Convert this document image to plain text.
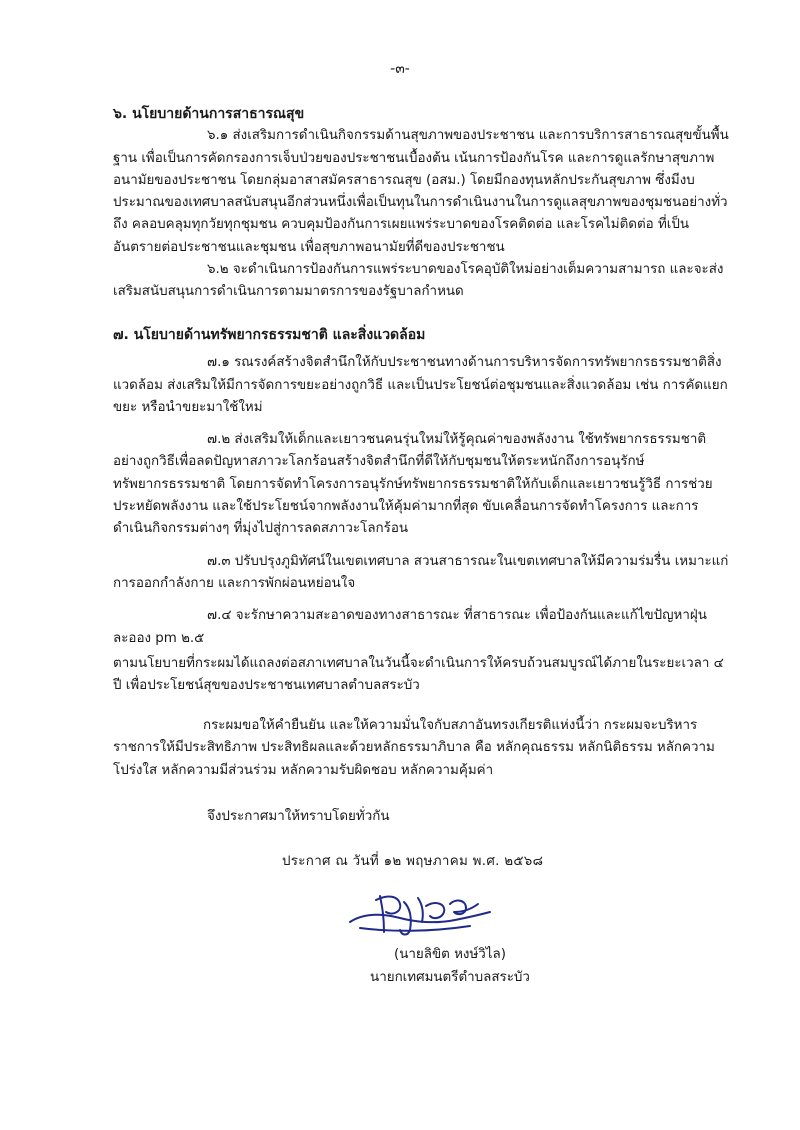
-๓-

๖. นโยบายด้านการสาธารณสุข

๖.๑ ส่งเสริมการดำเนินกิจกรรมด้านสุขภาพของประชาชน และการบริการสาธารณสุขขั้นพื้นฐาน เพื่อเป็นการคัดกรองการเจ็บป่วยของประชาชนเบื้องต้น เน้นการป้องกันโรค และการดูแลรักษาสุขภาพอนามัยของประชาชน โดยกลุ่มอาสาสมัครสาธารณสุข (อสม.) โดยมีกองทุนหลักประกันสุขภาพ ซึ่งมีงบประมาณของเทศบาลสนับสนุนอีกส่วนหนึ่งเพื่อเป็นทุนในการดำเนินงานในการดูแลสุขภาพของชุมชนอย่างทั่วถึง คลอบคลุมทุกวัยทุกชุมชน ควบคุมป้องกันการเผยแพร่ระบาดของโรคติดต่อ และโรคไม่ติดต่อ ที่เป็นอันตรายต่อประชาชนและชุมชน เพื่อสุขภาพอนามัยที่ดีของประชาชน

๖.๒ จะดำเนินการป้องกันการแพร่ระบาดของโรคอุบัติใหม่อย่างเต็มความสามารถ และจะส่งเสริมสนับสนุนการดำเนินการตามมาตรการของรัฐบาลกำหนด

๗. นโยบายด้านทรัพยากรธรรมชาติ และสิ่งแวดล้อม

๗.๑ รณรงค์สร้างจิตสำนึกให้กับประชาชนทางด้านการบริหารจัดการทรัพยากรธรรมชาติสิ่งแวดล้อม ส่งเสริมให้มีการจัดการขยะอย่างถูกวิธี และเป็นประโยชน์ต่อชุมชนและสิ่งแวดล้อม เช่น การคัดแยกขยะ หรือนำขยะมาใช้ใหม่

๗.๒ ส่งเสริมให้เด็กและเยาวชนคนรุ่นใหม่ให้รู้คุณค่าของพลังงาน ใช้ทรัพยากรธรรมชาติอย่างถูกวิธีเพื่อลดปัญหาสภาวะโลกร้อนสร้างจิตสำนึกที่ดีให้กับชุมชนให้ตระหนักถึงการอนุรักษ์ทรัพยากรธรรมชาติ โดยการจัดทำโครงการอนุรักษ์ทรัพยากรธรรมชาติให้กับเด็กและเยาวชนรู้วิธี การช่วยประหยัดพลังงาน และใช้ประโยชน์จากพลังงานให้คุ้มค่ามากที่สุด ขับเคลื่อนการจัดทำโครงการ และการดำเนินกิจกรรมต่างๆ ที่มุ่งไปสู่การลดสภาวะโลกร้อน

๗.๓ ปรับปรุงภูมิทัศน์ในเขตเทศบาล สวนสาธารณะในเขตเทศบาลให้มีความร่มรื่น เหมาะแก่การออกกำลังกาย และการพักผ่อนหย่อนใจ

๗.๔ จะรักษาความสะอาดของทางสาธารณะ ที่สาธารณะ เพื่อป้องกันและแก้ไขปัญหาฝุ่นละออง pm ๒.๕

ตามนโยบายที่กระผมได้แถลงต่อสภาเทศบาลในวันนี้จะดำเนินการให้ครบถ้วนสมบูรณ์ได้ภายในระยะเวลา ๔ ปี เพื่อประโยชน์สุขของประชาชนเทศบาลตำบลสระบัว

กระผมขอให้คำยืนยัน และให้ความมั่นใจกับสภาอันทรงเกียรติแห่งนี้ว่า กระผมจะบริหารราชการให้มีประสิทธิภาพ ประสิทธิผลและด้วยหลักธรรมาภิบาล คือ หลักคุณธรรม หลักนิติธรรม หลักความโปร่งใส หลักความมีส่วนร่วม หลักความรับผิดชอบ หลักความคุ้มค่า

จึงประกาศมาให้ทราบโดยทั่วกัน
ประกาศ ณ วันที่ ๑๒ พฤษภาคม พ.ศ. ๒๕๖๘
(นายลิขิต หงษ์วิไล)
นายกเทศมนตรีตำบลสระบัว
